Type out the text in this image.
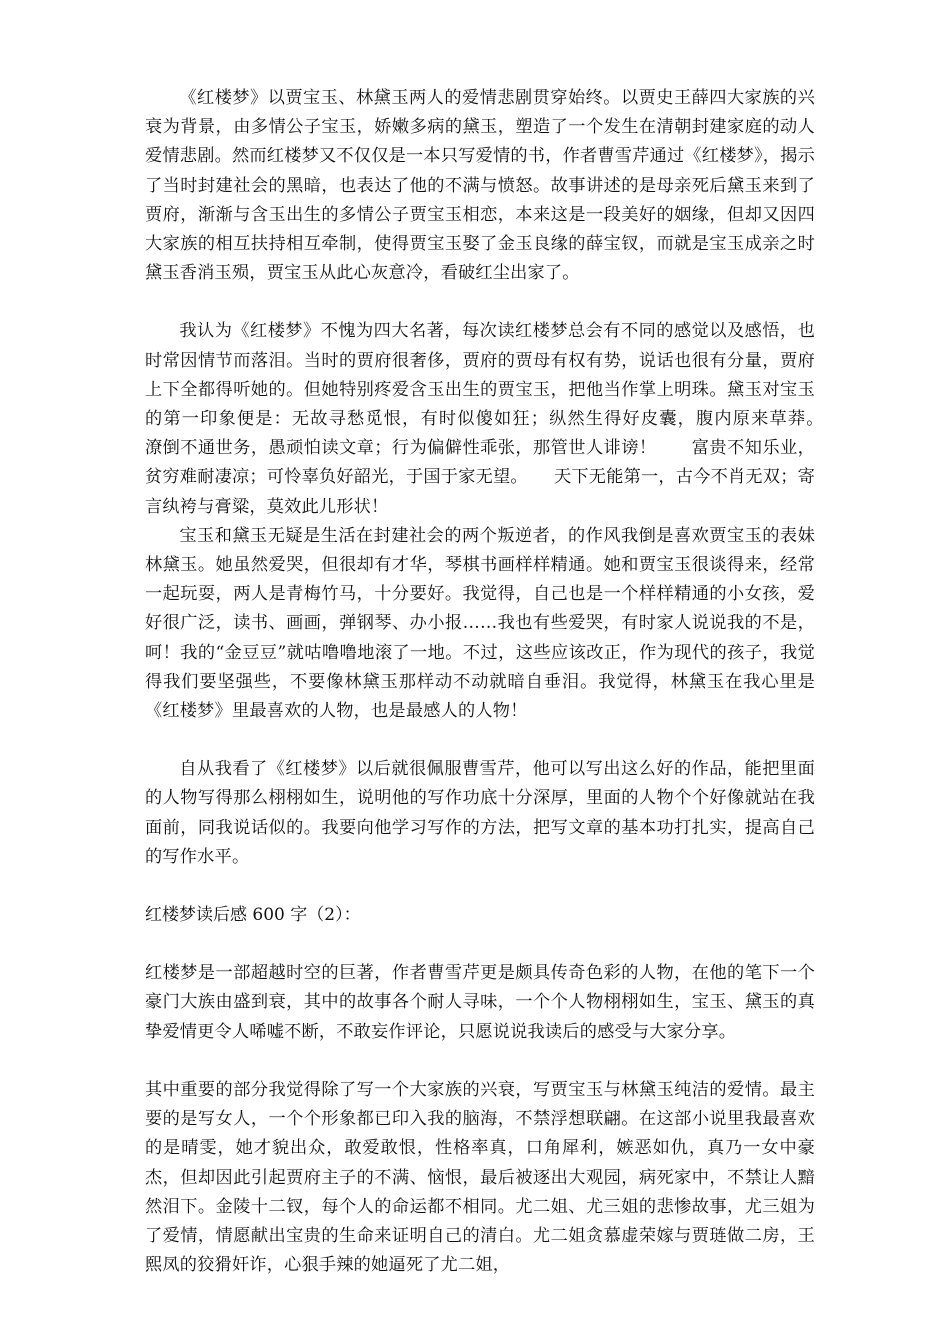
《红楼梦》以贾宝玉、林黛玉两人的爱情悲剧贯穿始终。以贾史王薛四大家族的兴衰为背景，由多情公子宝玉，娇嫩多病的黛玉，塑造了一个发生在清朝封建家庭的动人爱情悲剧。然而红楼梦又不仅仅是一本只写爱情的书，作者曹雪芹通过《红楼梦》，揭示了当时封建社会的黑暗，也表达了他的不满与愤怒。故事讲述的是母亲死后黛玉来到了贾府，渐渐与含玉出生的多情公子贾宝玉相恋，本来这是一段美好的姻缘，但却又因四大家族的相互扶持相互牵制，使得贾宝玉娶了金玉良缘的薛宝钗，而就是宝玉成亲之时黛玉香消玉殒，贾宝玉从此心灰意冷，看破红尘出家了。

我认为《红楼梦》不愧为四大名著，每次读红楼梦总会有不同的感觉以及感悟，也时常因情节而落泪。当时的贾府很奢侈，贾府的贾母有权有势，说话也很有分量，贾府上下全都得听她的。但她特别疼爱含玉出生的贾宝玉，把他当作掌上明珠。黛玉对宝玉的第一印象便是：无故寻愁觅恨，有时似傻如狂；纵然生得好皮囊，腹内原来草莽。　　潦倒不通世务，愚顽怕读文章；行为偏僻性乖张，那管世人诽谤！　　富贵不知乐业，贫穷难耐凄凉；可怜辜负好韶光，于国于家无望。　　天下无能第一，古今不肖无双；寄言纨袴与膏粱，莫效此儿形状！

宝玉和黛玉无疑是生活在封建社会的两个叛逆者，的作风我倒是喜欢贾宝玉的表妹林黛玉。她虽然爱哭，但很却有才华，琴棋书画样样精通。她和贾宝玉很谈得来，经常一起玩耍，两人是青梅竹马，十分要好。我觉得，自己也是一个样样精通的小女孩，爱好很广泛，读书、画画，弹钢琴、办小报……我也有些爱哭，有时家人说说我的不是，呵！我的“金豆豆”就咕噜噜地滚了一地。不过，这些应该改正，作为现代的孩子，我觉得我们要坚强些，不要像林黛玉那样动不动就暗自垂泪。我觉得，林黛玉在我心里是《红楼梦》里最喜欢的人物，也是最感人的人物！

自从我看了《红楼梦》以后就很佩服曹雪芹，他可以写出这么好的作品，能把里面的人物写得那么栩栩如生，说明他的写作功底十分深厚，里面的人物个个好像就站在我面前，同我说话似的。我要向他学习写作的方法，把写文章的基本功打扎实，提高自己的写作水平。

红楼梦读后感 600 字（2）：

红楼梦是一部超越时空的巨著，作者曹雪芹更是颇具传奇色彩的人物，在他的笔下一个豪门大族由盛到衰，其中的故事各个耐人寻味，一个个人物栩栩如生，宝玉、黛玉的真挚爱情更令人唏嘘不断，不敢妄作评论，只愿说说我读后的感受与大家分享。

其中重要的部分我觉得除了写一个大家族的兴衰，写贾宝玉与林黛玉纯洁的爱情。最主要的是写女人，一个个形象都已印入我的脑海，不禁浮想联翩。在这部小说里我最喜欢的是晴雯，她才貌出众，敢爱敢恨，性格率真，口角犀利，嫉恶如仇，真乃一女中豪杰，但却因此引起贾府主子的不满、恼恨，最后被逐出大观园，病死家中，不禁让人黯然泪下。金陵十二钗，每个人的命运都不相同。尤二姐、尤三姐的悲惨故事，尤三姐为了爱情，情愿献出宝贵的生命来证明自己的清白。尤二姐贪慕虚荣嫁与贾琏做二房，王熙凤的狡猾奸诈，心狠手辣的她逼死了尤二姐，
